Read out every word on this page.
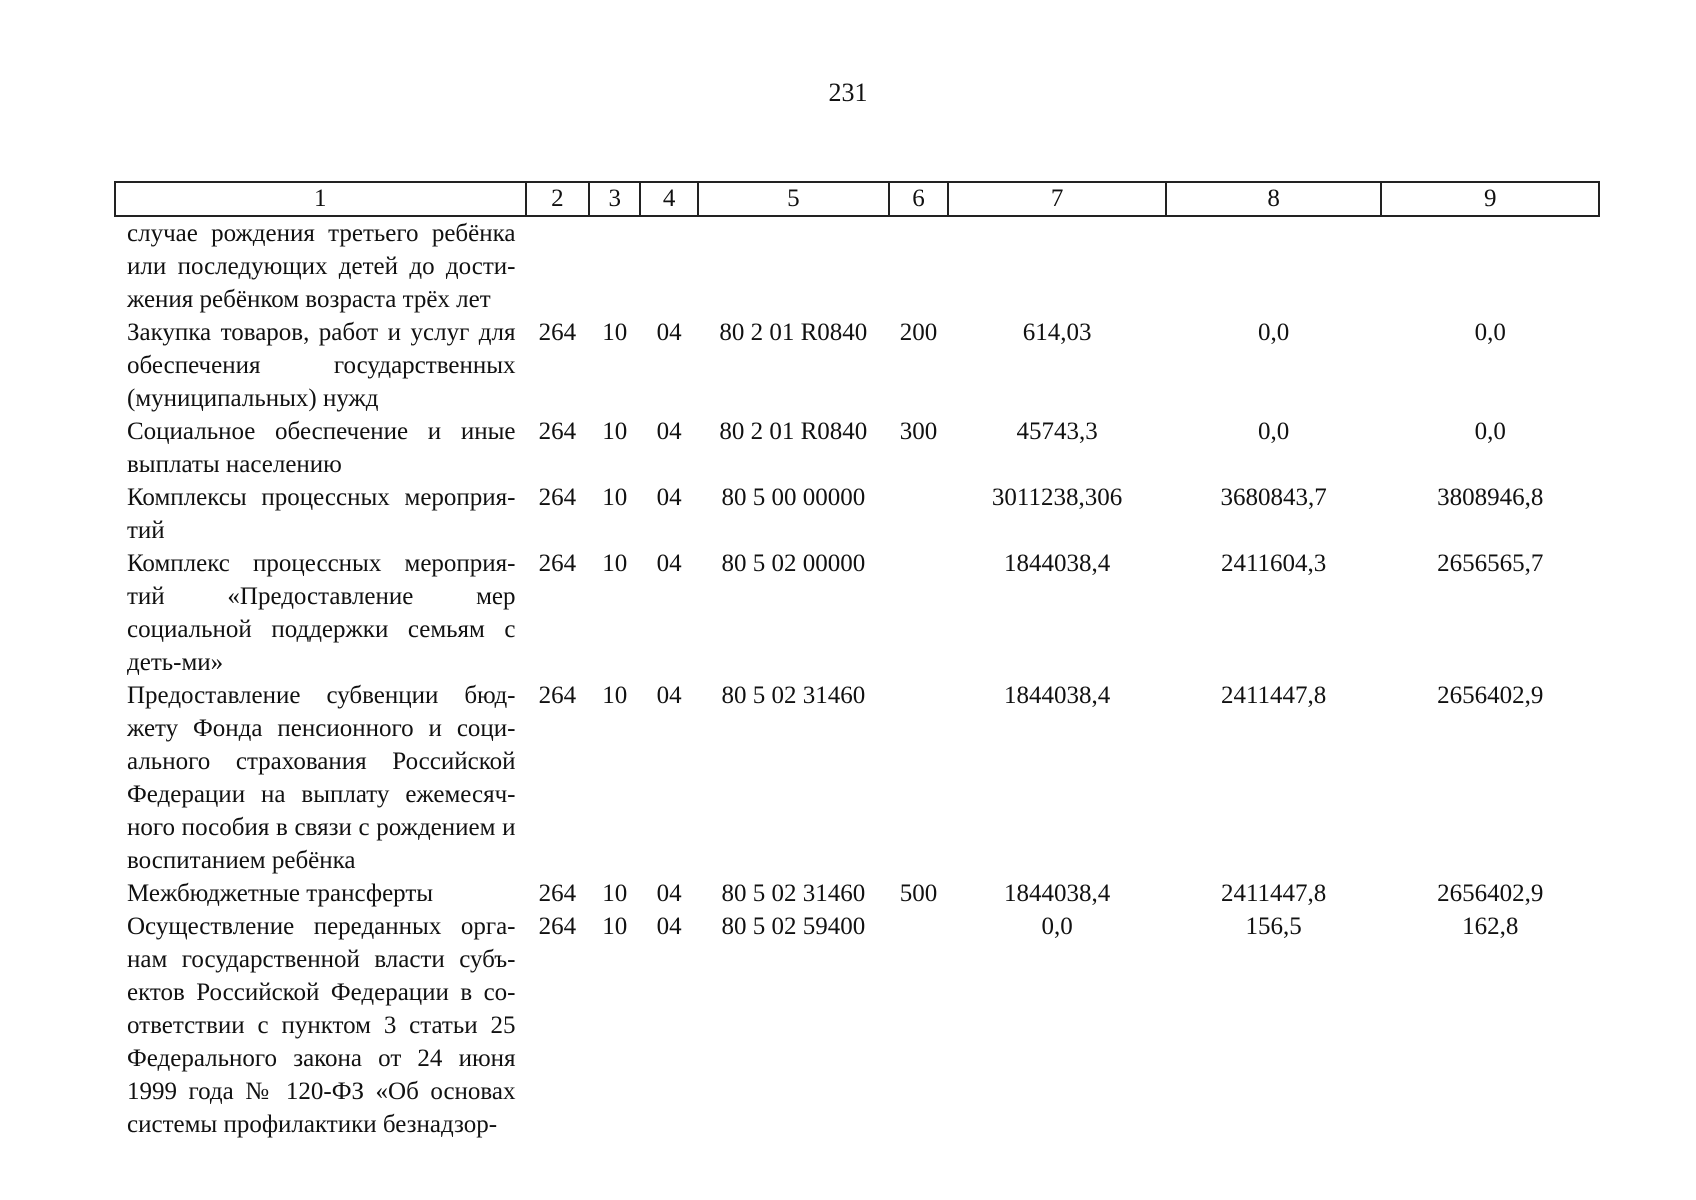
231
1	2	3	4	5	6	7	8	9
случае рождения третьего ребёнка или последующих детей до дости-жения ребёнком возраста трёх лет								
Закупка товаров, работ и услуг для обеспечения государственных (муниципальных) нужд	264	10	04	80 2 01 R0840	200	614,03	0,0	0,0
Социальное обеспечение и иные выплаты населению	264	10	04	80 2 01 R0840	300	45743,3	0,0	0,0
Комплексы процессных мероприя-тий	264	10	04	80 5 00 00000		3011238,306	3680843,7	3808946,8
Комплекс процессных мероприя-тий «Предоставление мер социальной поддержки семьям с деть-ми»	264	10	04	80 5 02 00000		1844038,4	2411604,3	2656565,7
Предоставление субвенции бюд-жету Фонда пенсионного и соци-ального страхования Российской Федерации на выплату ежемесяч-ного пособия в связи с рождением и воспитанием ребёнка	264	10	04	80 5 02 31460		1844038,4	2411447,8	2656402,9
Межбюджетные трансферты	264	10	04	80 5 02 31460	500	1844038,4	2411447,8	2656402,9
Осуществление переданных орга-нам государственной власти субъ-ектов Российской Федерации в со-ответствии с пунктом 3 статьи 25 Федерального закона от 24 июня 1999 года № 120-ФЗ «Об основах системы профилактики безнадзор-	264	10	04	80 5 02 59400		0,0	156,5	162,8
